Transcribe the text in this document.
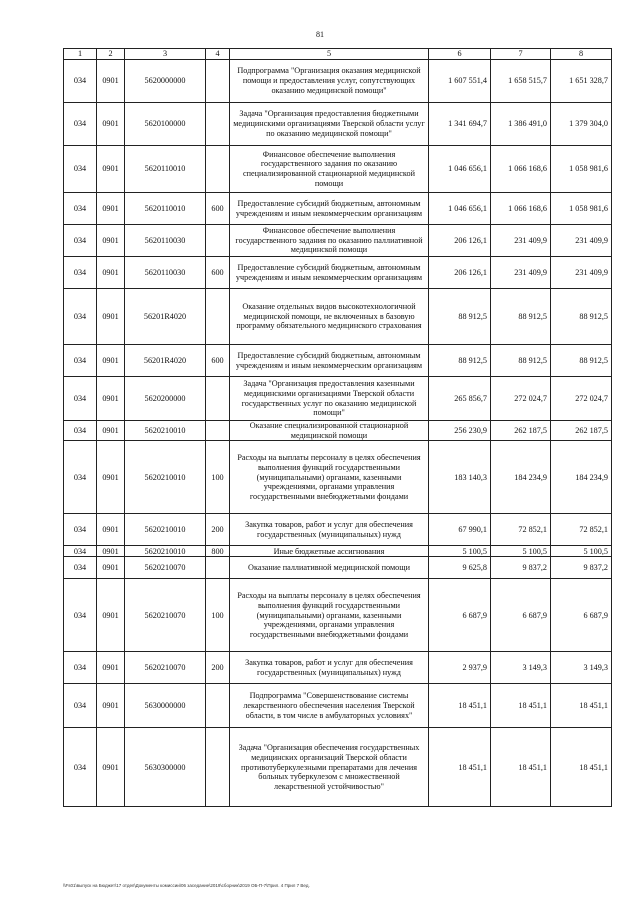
81
1	2	3	4	5	6	7	8
034	0901	5620000000		Подпрограмма "Организация оказания медицинской помощи и предоставления услуг, сопутствующих оказанию медицинской помощи"	1 607 551,4	1 658 515,7	1 651 328,7
034	0901	5620100000		Задача "Организация предоставления бюджетными медицинскими организациями Тверской области услуг по оказанию медицинской помощи"	1 341 694,7	1 386 491,0	1 379 304,0
034	0901	5620110010		Финансовое обеспечение выполнения государственного задания по оказанию специализированной стационарной медицинской помощи	1 046 656,1	1 066 168,6	1 058 981,6
034	0901	5620110010	600	Предоставление субсидий бюджетным, автономным учреждениям и иным некоммерческим организациям	1 046 656,1	1 066 168,6	1 058 981,6
034	0901	5620110030		Финансовое обеспечение выполнения государственного задания по оказанию паллиативной медицинской помощи	206 126,1	231 409,9	231 409,9
034	0901	5620110030	600	Предоставление субсидий бюджетным, автономным учреждениям и иным некоммерческим организациям	206 126,1	231 409,9	231 409,9
034	0901	56201R4020		Оказание отдельных видов высокотехнологичной медицинской помощи, не включенных в базовую программу обязательного медицинского страхования	88 912,5	88 912,5	88 912,5
034	0901	56201R4020	600	Предоставление субсидий бюджетным, автономным учреждениям и иным некоммерческим организациям	88 912,5	88 912,5	88 912,5
034	0901	5620200000		Задача "Организация предоставления казенными медицинскими организациями Тверской области государственных услуг по оказанию медицинской помощи"	265 856,7	272 024,7	272 024,7
034	0901	5620210010		Оказание специализированной стационарной медицинской помощи	256 230,9	262 187,5	262 187,5
034	0901	5620210010	100	Расходы на выплаты персоналу в целях обеспечения выполнения функций государственными (муниципальными) органами, казенными учреждениями, органами управления государственными внебюджетными фондами	183 140,3	184 234,9	184 234,9
034	0901	5620210010	200	Закупка товаров, работ и услуг для обеспечения государственных (муниципальных) нужд	67 990,1	72 852,1	72 852,1
034	0901	5620210010	800	Иные бюджетные ассигнования	5 100,5	5 100,5	5 100,5
034	0901	5620210070		Оказание паллиативной медицинской помощи	9 625,8	9 837,2	9 837,2
034	0901	5620210070	100	Расходы на выплаты персоналу в целях обеспечения выполнения функций государственными (муниципальными) органами, казенными учреждениями, органами управления государственными внебюджетными фондами	6 687,9	6 687,9	6 687,9
034	0901	5620210070	200	Закупка товаров, работ и услуг для обеспечения государственных (муниципальных) нужд	2 937,9	3 149,3	3 149,3
034	0901	5630000000		Подпрограмма "Совершенствование системы лекарственного обеспечения населения Тверской области, в том числе в амбулаторных условиях"	18 451,1	18 451,1	18 451,1
034	0901	5630300000		Задача "Организация обеспечения государственных медицинских организаций Тверской области противотуберкулезными препаратами для лечения больных туберкулезом с множественной лекарственной устойчивостью"	18 451,1	18 451,1	18 451,1
\\Fs01\выпуск на Бюджет\17 отдел\Документы комиссии\06 заседание\2019\сборник\2019 ОБ-П-7\Прил. 4 Прил 7 Вед.
